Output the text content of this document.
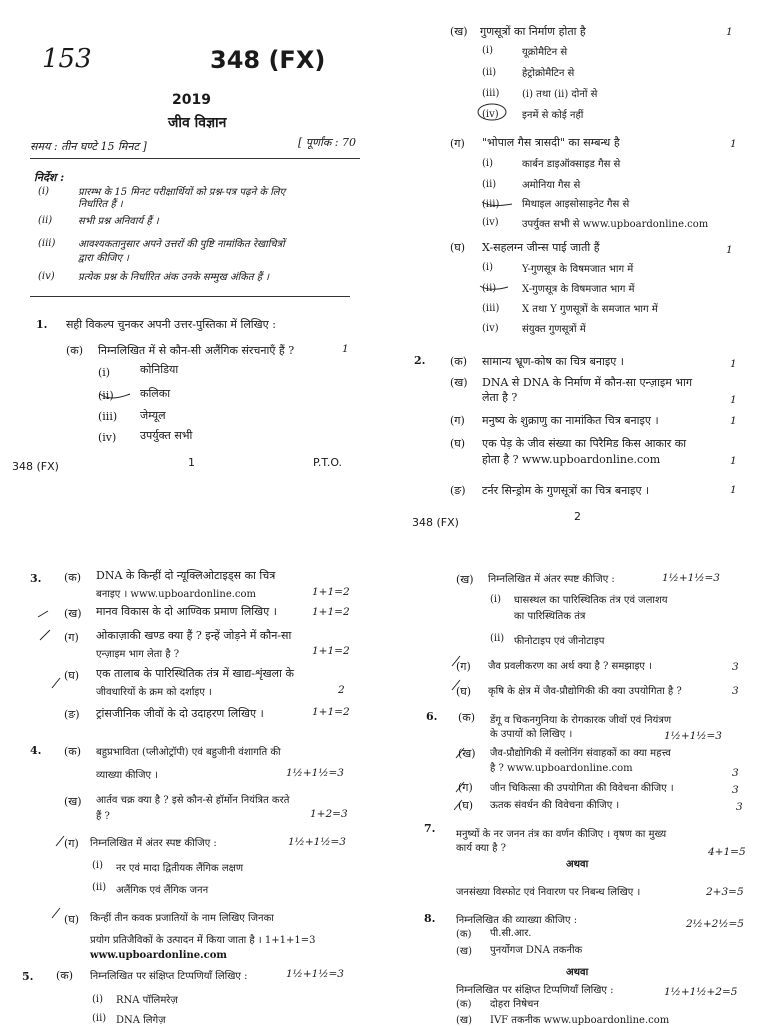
153	348 (FX)
2019
जीव विज्ञान
समय : तीन घण्टे 15 मिनट ]	[ पूर्णांक : 70
निर्देश :
(i)	प्रारम्भ के 15 मिनट परीक्षार्थियों को प्रश्न-पत्र पढ़ने के लिए
निर्धारित हैं ।
(ii)	सभी प्रश्न अनिवार्य हैं ।
(iii) आवश्यकतानुसार अपने उत्तरों की पुष्टि नामांकित रेखाचित्रों
द्वारा कीजिए ।
(iv) प्रत्येक प्रश्न के निर्धारित अंक उनके सम्मुख अंकित हैं ।
1. सही विकल्प चुनकर अपनी उत्तर-पुस्तिका में लिखिए :
(क) निम्नलिखित में से कौन-सी अलैंगिक संरचनाएँ हैं ?	1
(i)	कोनिडिया
(ii) कलिका
(iii) जेम्यूल
(iv) उपर्युक्त सभी
348 (FX)	1	P.T.O.
(ख) गुणसूत्रों का निर्माण होता है	1
(i)	यूक्रोमैटिन से
(ii)	हेट्रोक्रोमैटिन से
(iii) (i) तथा (ii) दोनों से
(iv) इनमें से कोई नहीं
(ग) "भोपाल गैस त्रासदी" का सम्बन्ध है	1
(i)	कार्बन डाइऑक्साइड गैस से
(ii)	अमोनिया गैस से
(iii) मिथाइल आइसोसाइनेट गैस से
(iv) उपर्युक्त सभी से www.upboardonline.com
(घ) X-सहलग्न जीन्स पाई जाती हैं	1
(i)	Y-गुणसूत्र के विषमजात भाग में
(ii)	X-गुणसूत्र के विषमजात भाग में
(iii) X तथा Y गुणसूत्रों के समजात भाग में
(iv) संयुक्त गुणसूत्रों में
2. (क) सामान्य भ्रूण-कोष का चित्र बनाइए ।	1
(ख) DNA से DNA के निर्माण में कौन-सा एन्ज़ाइम भाग
लेता है ?	1
(ग) मनुष्य के शुक्राणु का नामांकित चित्र बनाइए ।	1
(घ) एक पेड़ के जीव संख्या का पिरैमिड किस आकार का
होता है ? www.upboardonline.com	1
(ङ) टर्नर सिन्ड्रोम के गुणसूत्रों का चित्र बनाइए ।	1
348 (FX)	2
3. (क) DNA के किन्हीं दो न्यूक्लिओटाइड्स का चित्र
बनाइए । www.upboardonline.com	1+1=2
(ख) मानव विकास के दो आण्विक प्रमाण लिखिए ।	1+1=2
(ग) ओकाज़ाकी खण्ड क्या हैं ? इन्हें जोड़ने में कौन-सा
एन्ज़ाइम भाग लेता है ?	1+1=2
(घ) एक तालाब के पारिस्थितिक तंत्र में खाद्य-शृंखला के
जीवधारियों के क्रम को दर्शाइए ।	2
(ङ) ट्रांसजीनिक जीवों के दो उदाहरण लिखिए ।	1+1=2
4. (क) बहुप्रभाविता (प्लीओट्रॉपी) एवं बहुजीनी वंशागति की
व्याख्या कीजिए ।	1½+1½=3
(ख) आर्तव चक्र क्या है ? इसे कौन-से हॉर्मोन नियंत्रित करते
हैं ?	1+2=3
(ग) निम्नलिखित में अंतर स्पष्ट कीजिए :	1½+1½=3
(i) नर एवं मादा द्वितीयक लैंगिक लक्षण
(ii) अलैंगिक एवं लैंगिक जनन
(घ) किन्हीं तीन कवक प्रजातियों के नाम लिखिए जिनका
प्रयोग प्रतिजैविकों के उत्पादन में किया जाता है । 1+1+1=3
www.upboardonline.com
5. (क) निम्नलिखित पर संक्षिप्त टिप्पणियाँ लिखिए :	1½+1½=3
(i) RNA पॉलिमरेज़
(ii) DNA लिगेज़
(ख) निम्नलिखित में अंतर स्पष्ट कीजिए :	1½+1½=3
(i) घासस्थल का पारिस्थितिक तंत्र एवं जलाशय
का पारिस्थितिक तंत्र
(ii) फीनोटाइप एवं जीनोटाइप
(ग) जैव प्रवलीकरण का अर्थ क्या है ? समझाइए ।	3
(घ) कृषि के क्षेत्र में जैव-प्रौद्योगिकी की क्या उपयोगिता है ?	3
6. (क) डेंगू व चिकनगुनिया के रोगकारक जीवों एवं नियंत्रण
के उपायों को लिखिए ।	1½+1½=3
(ख) जैव-प्रौद्योगिकी में क्लोनिंग संवाहकों का क्या महत्त्व
है ? www.upboardonline.com	3
(ग) जीन चिकित्सा की उपयोगिता की विवेचना कीजिए ।	3
(घ) ऊतक संवर्धन की विवेचना कीजिए ।	3
7. मनुष्यों के नर जनन तंत्र का वर्णन कीजिए । वृषण का मुख्य
कार्य क्या है ?	4+1=5
अथवा
जनसंख्या विस्फोट एवं निवारण पर निबन्ध लिखिए ।	2+3=5
8. निम्नलिखित की व्याख्या कीजिए :	2½+2½=5
(क) पी.सी.आर.
(ख) पुनर्योगज DNA तकनीक
अथवा
निम्नलिखित पर संक्षिप्त टिप्पणियाँ लिखिए :	1½+1½+2=5
(क) दोहरा निषेचन
(ख) IVF तकनीक www.upboardonline.com
